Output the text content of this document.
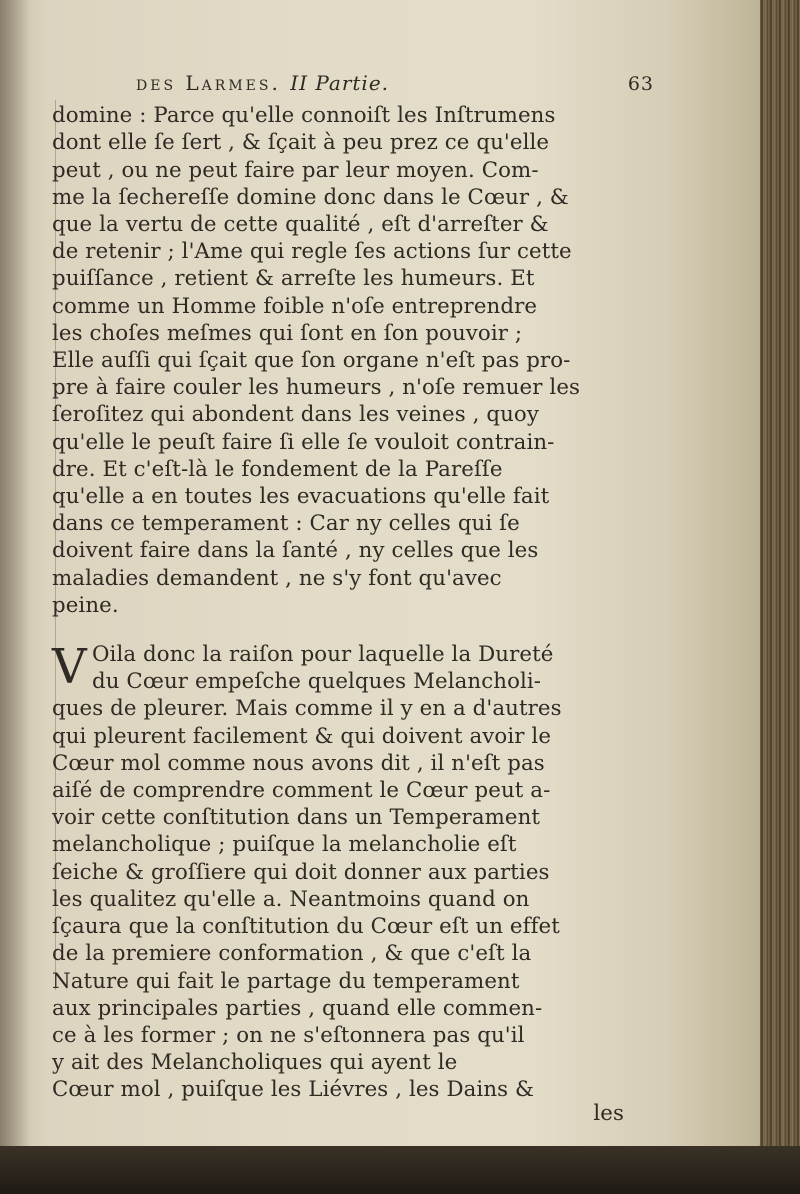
des Larmes. II Partie.	63
domine : Parce qu'elle connoiſt les Inſtrumens
dont elle ſe ſert , & ſçait à peu prez ce qu'elle
peut , ou ne peut faire par leur moyen. Com-
me la ſechereſſe domine donc dans le Cœur , &
que la vertu de cette qualité , eſt d'arreſter &
de retenir ; l'Ame qui regle ſes actions ſur cette
puiſſance , retient & arreſte les humeurs. Et
comme un Homme foible n'oſe entreprendre
les choſes meſmes qui ſont en ſon pouvoir ;
Elle auſſi qui ſçait que ſon organe n'eſt pas pro-
pre à faire couler les humeurs , n'oſe remuer les
ſeroſitez qui abondent dans les veines , quoy
qu'elle le peuſt faire ſi elle ſe vouloit contrain-
dre. Et c'eſt-là le fondement de la Pareſſe
qu'elle a en toutes les evacuations qu'elle fait
dans ce temperament : Car ny celles qui ſe
doivent faire dans la ſanté , ny celles que les
maladies demandent , ne s'y font qu'avec
peine.
V Oila donc la raiſon pour laquelle la Dureté
du Cœur empeſche quelques Melancholi-
ques de pleurer. Mais comme il y en a d'autres
qui pleurent facilement & qui doivent avoir le
Cœur mol comme nous avons dit , il n'eſt pas
aiſé de comprendre comment le Cœur peut a-
voir cette conſtitution dans un Temperament
melancholique ; puiſque la melancholie eſt
ſeiche & groſſiere qui doit donner aux parties
les qualitez qu'elle a. Neantmoins quand on
ſçaura que la conſtitution du Cœur eſt un effet
de la premiere conformation , & que c'eſt la
Nature qui fait le partage du temperament
aux principales parties , quand elle commen-
ce à les former ; on ne s'eſtonnera pas qu'il
y ait des Melancholiques qui ayent le
Cœur mol , puiſque les Liévres , les Dains &
les
